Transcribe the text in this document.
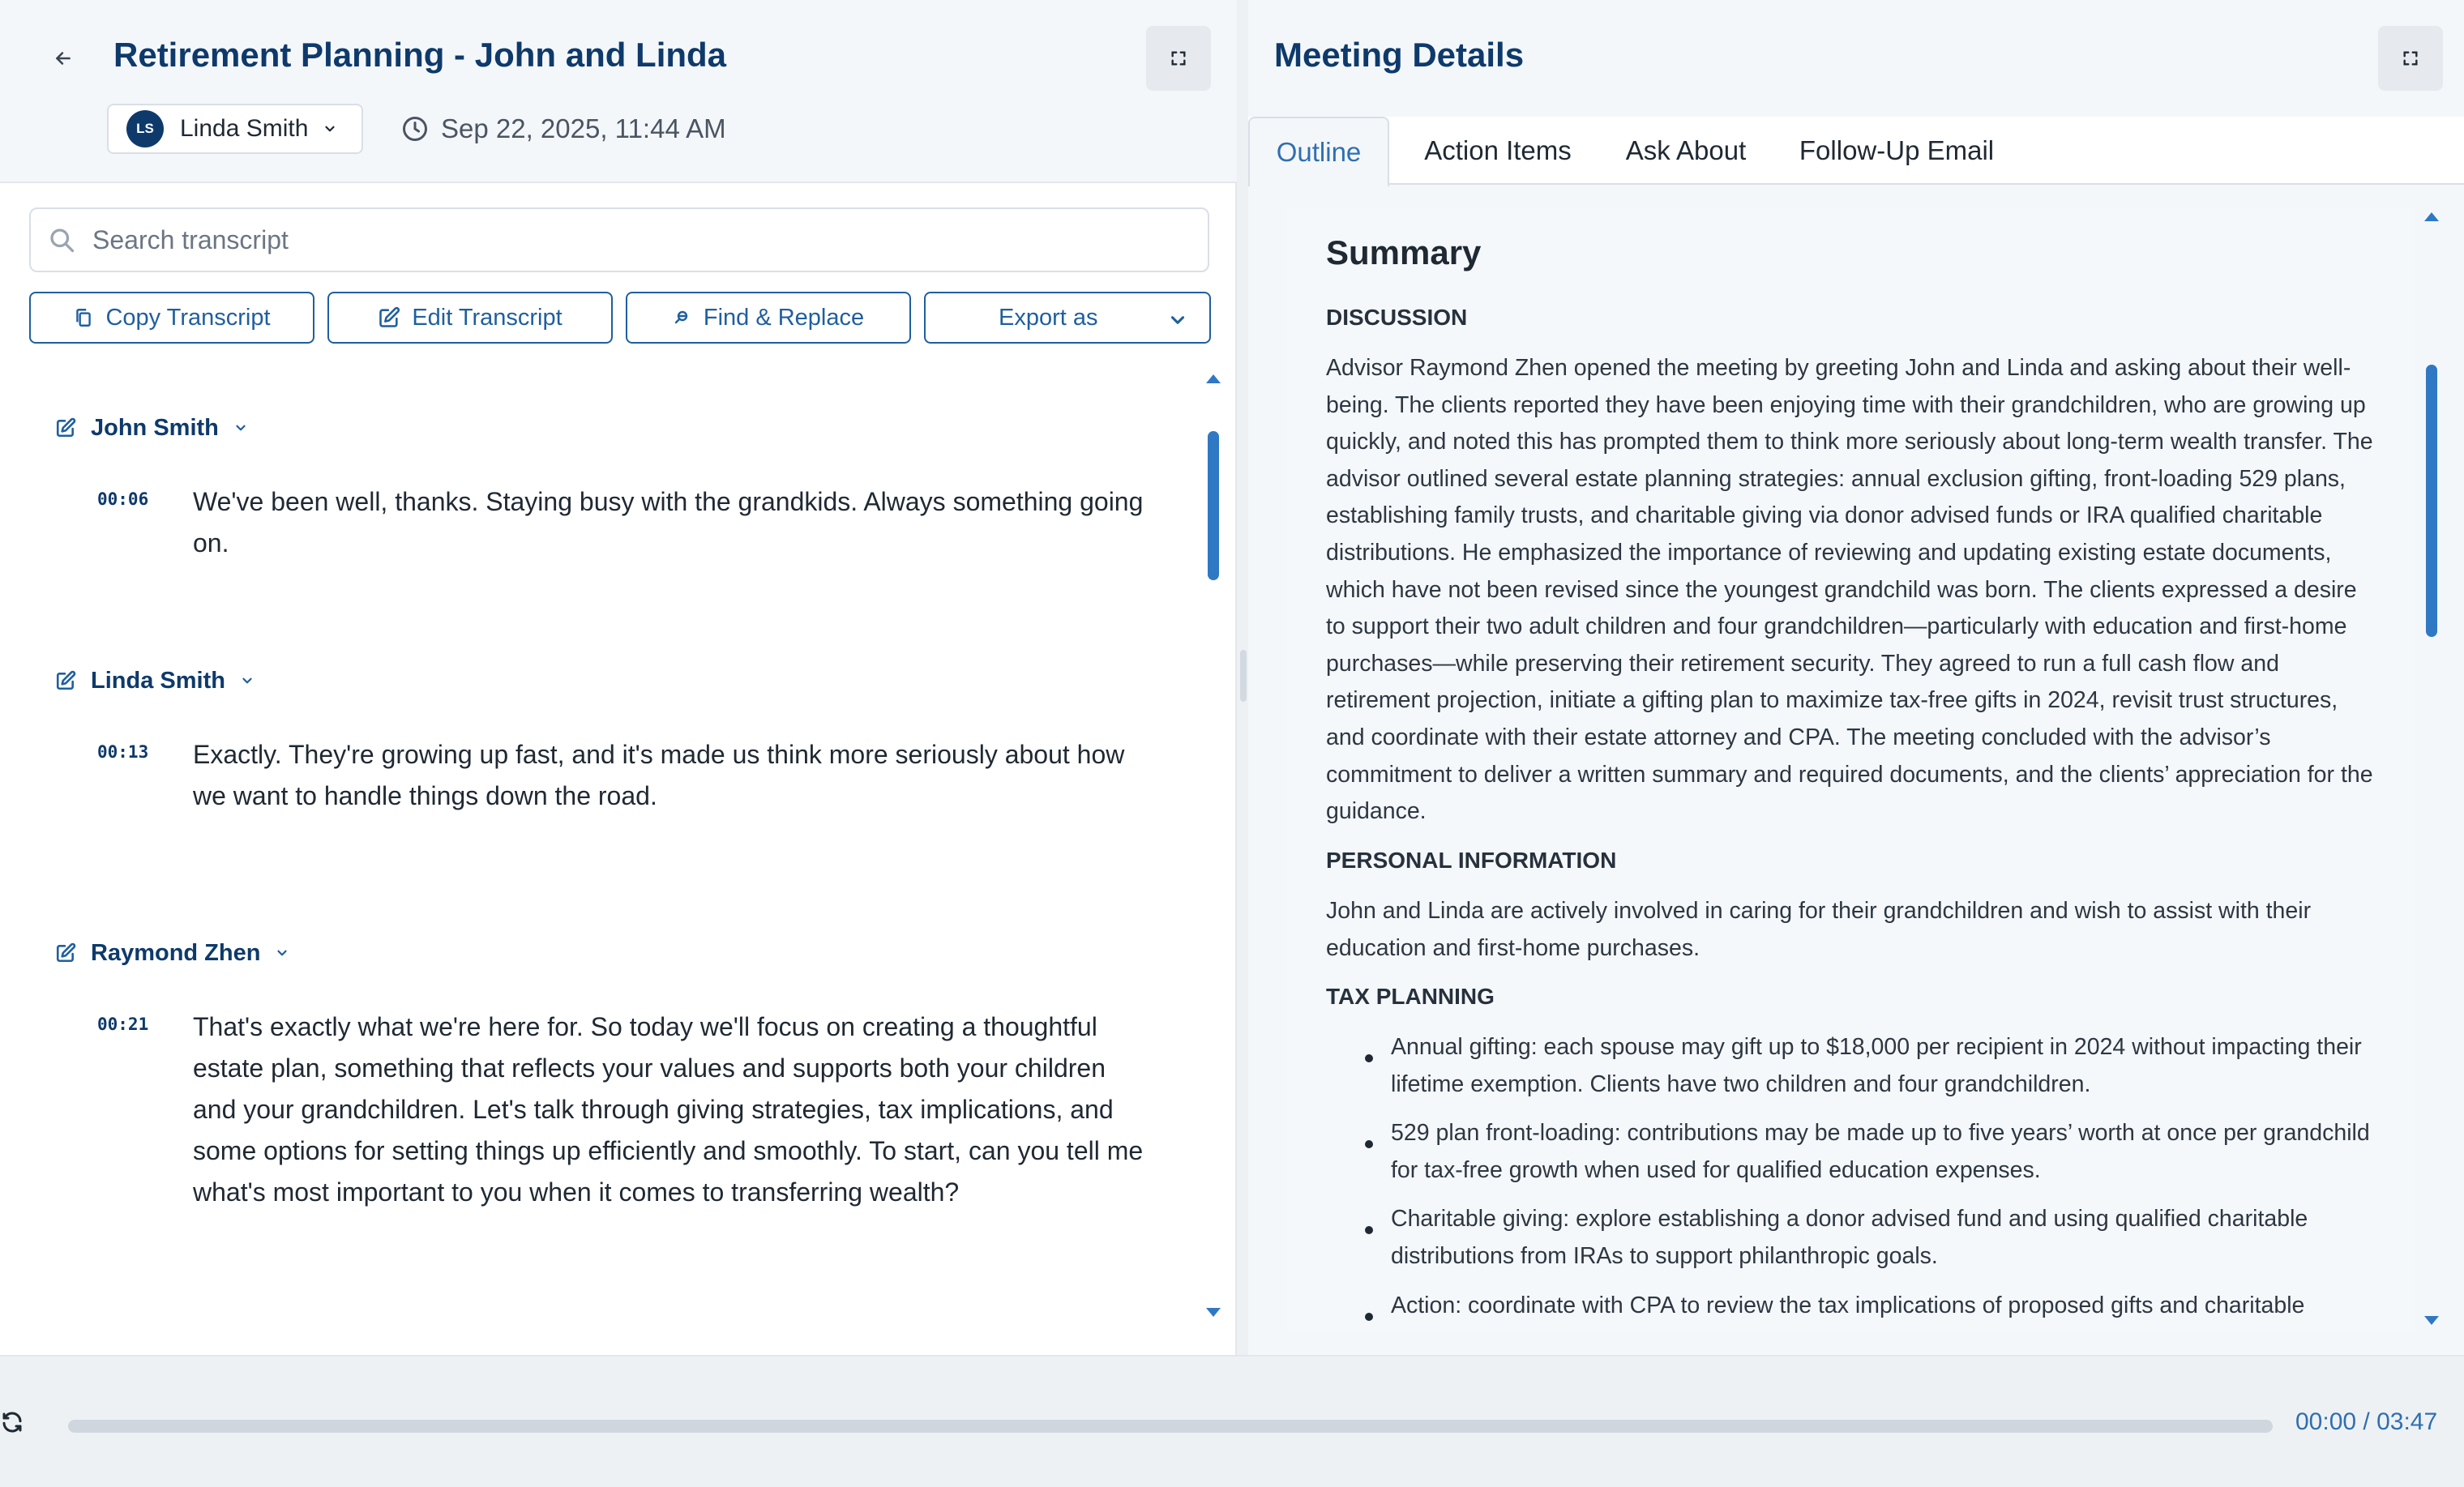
Retirement Planning - John and Linda
LS	Linda Smith	Sep 22, 2025, 11:44 AM
Search transcript
Copy Transcript	Edit Transcript	Find & Replace	Export as
John Smith
00:06 We've been well, thanks. Staying busy with the grandkids. Always something going on.
Linda Smith
00:13 Exactly. They're growing up fast, and it's made us think more seriously about how we want to handle things down the road.
Raymond Zhen
00:21 That's exactly what we're here for. So today we'll focus on creating a thoughtful estate plan, something that reflects your values and supports both your children and your grandchildren. Let's talk through giving strategies, tax implications, and some options for setting things up efficiently and smoothly. To start, can you tell me what's most important to you when it comes to transferring wealth?
Meeting Details
Outline	Action Items	Ask About	Follow-Up Email
Summary
DISCUSSION
Advisor Raymond Zhen opened the meeting by greeting John and Linda and asking about their well-being. The clients reported they have been enjoying time with their grandchildren, who are growing up quickly, and noted this has prompted them to think more seriously about long-term wealth transfer. The advisor outlined several estate planning strategies: annual exclusion gifting, front-loading 529 plans, establishing family trusts, and charitable giving via donor advised funds or IRA qualified charitable distributions. He emphasized the importance of reviewing and updating existing estate documents, which have not been revised since the youngest grandchild was born. The clients expressed a desire to support their two adult children and four grandchildren—particularly with education and first-home purchases—while preserving their retirement security. They agreed to run a full cash flow and retirement projection, initiate a gifting plan to maximize tax-free gifts in 2024, revisit trust structures, and coordinate with their estate attorney and CPA. The meeting concluded with the advisor’s commitment to deliver a written summary and required documents, and the clients’ appreciation for the guidance.
PERSONAL INFORMATION
John and Linda are actively involved in caring for their grandchildren and wish to assist with their education and first-home purchases.
TAX PLANNING
Annual gifting: each spouse may gift up to $18,000 per recipient in 2024 without impacting their lifetime exemption. Clients have two children and four grandchildren.
529 plan front-loading: contributions may be made up to five years’ worth at once per grandchild for tax-free growth when used for qualified education expenses.
Charitable giving: explore establishing a donor advised fund and using qualified charitable distributions from IRAs to support philanthropic goals.
Action: coordinate with CPA to review the tax implications of proposed gifts and charitable
00:00 / 03:47
